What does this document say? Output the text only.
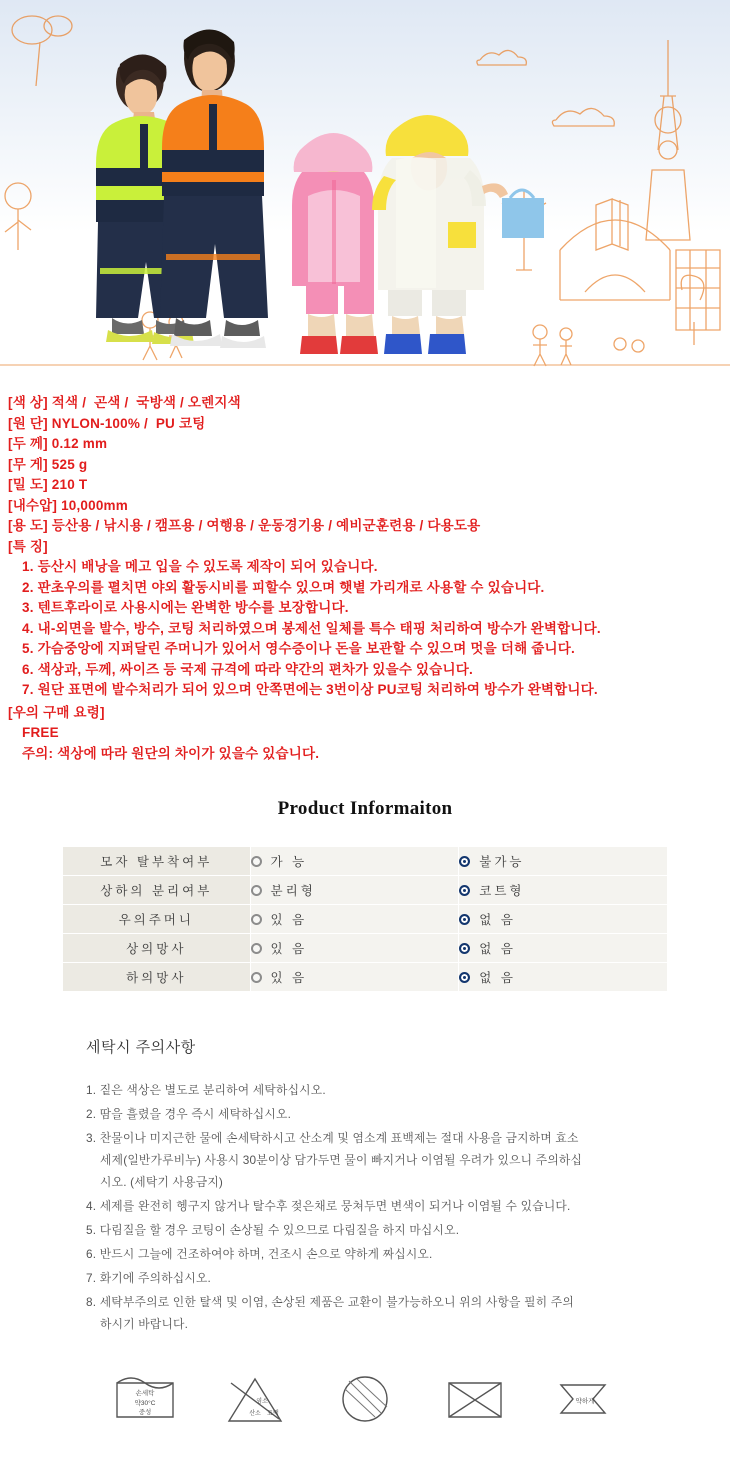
[색 상] 적색 /  곤색 /  국방색 / 오렌지색
[원 단] NYLON-100% /  PU 코팅
[두 께] 0.12 mm
[무 게] 525 g
[밀 도] 210 T
[내수압] 10,000mm
[용 도] 등산용 / 낚시용 / 캠프용 / 여행용 / 운동경기용 / 예비군훈련용 / 다용도용
[특 징]
1. 등산시 배낭을 메고 입을 수 있도록 제작이 되어 있습니다.
2. 판초우의를 펼치면 야외 활동시비를 피할수 있으며 햇볕 가리개로 사용할 수 있습니다.
3. 텐트후라이로 사용시에는 완벽한 방수를 보장합니다.
4. 내-외면을 발수, 방수, 코팅 처리하였으며 봉제선 일체를 특수 태핑 처리하여 방수가 완벽합니다.
5. 가슴중앙에 지퍼달린 주머니가 있어서 영수증이나 돈을 보관할 수 있으며 멋을 더해 줍니다.
6. 색상과, 두께, 싸이즈 등 국제 규격에 따라 약간의 편차가 있을수 있습니다.
7. 원단 표면에 발수처리가 되어 있으며 안쪽면에는 3번이상 PU코팅 처리하여 방수가 완벽합니다.
[우의 구매 요령]
FREE
주의: 색상에 따라 원단의 차이가 있을수 있습니다.
Product Informaiton
모자 탈부착여부	가 능	불가능
상하의 분리여부	분리형	코트형
우의주머니	있 음	없 음
상의망사	있 음	없 음
하의망사	있 음	없 음
세탁시 주의사항
1. 짙은 색상은 별도로 분리하여 세탁하십시오.
2. 땀을 흘렸을 경우 즉시 세탁하십시오.
3. 찬물이나 미지근한 물에 손세탁하시고 산소계 및 염소계 표백제는 절대 사용을 금지하며 효소
세제(일반가루비누) 사용시 30분이상 담가두면 물이 빠지거나 이염될 우려가 있으니 주의하십
시오. (세탁기 사용금지)
4. 세제를 완전히 헹구지 않거나 탈수후 젖은채로 뭉쳐두면 변색이 되거나 이염될 수 있습니다.
5. 다림질을 할 경우 코팅이 손상될 수 있으므로 다림질을 하지 마십시오.
6. 반드시 그늘에 건조하여야 하며, 건조시 손으로 약하게 짜십시오.
7. 화기에 주의하십시오.
8. 세탁부주의로 인한 탈색 및 이염, 손상된 제품은 교환이 불가능하오니 위의 사항을 필히 주의
하시기 바랍니다.
손세탁
약30°C
중성
염소
산소 표백
약하게
